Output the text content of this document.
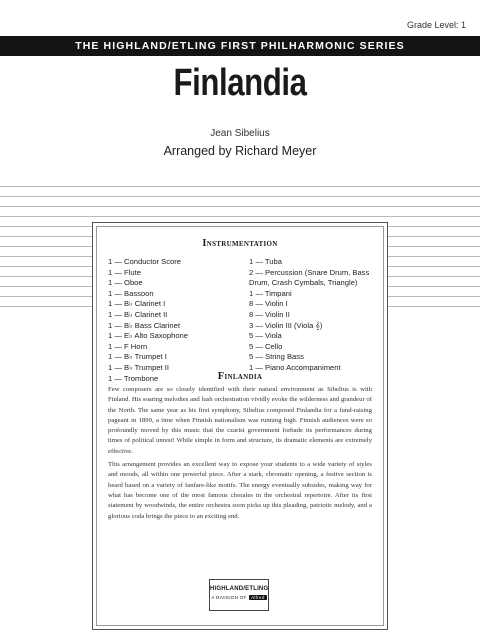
Grade Level: 1
THE HIGHLAND/ETLING FIRST PHILHARMONIC SERIES
Finlandia
Jean Sibelius
Arranged by Richard Meyer
Instrumentation
1 — Conductor Score
1 — Flute
1 — Oboe
1 — Bassoon
1 — B♭ Clarinet I
1 — B♭ Clarinet II
1 — B♭ Bass Clarinet
1 — E♭ Alto Saxophone
1 — F Horn
1 — B♭ Trumpet I
1 — B♭ Trumpet II
1 — Trombone
1 — Tuba
2 — Percussion (Snare Drum, Bass Drum, Crash Cymbals, Triangle)
1 — Timpani
8 — Violin I
8 — Violin II
3 — Violin III (Viola 𝄞)
5 — Viola
5 — Cello
5 — String Bass
1 — Piano Accompaniment
Finlandia

Few composers are so closely identified with their natural environment as Sibelius is with Finland. His soaring melodies and lush orchestration vividly evoke the wilderness and grandeur of the North. The same year as his first symphony, Sibelius composed Finlandia for a fund-raising pageant in 1899, a time when Finnish nationalism was running high. Finnish audiences were so profoundly moved by this music that the czarist government forbade its performances during times of political unrest! While simple in form and structure, its dramatic elements are extremely effective.

This arrangement provides an excellent way to expose your students to a wide variety of styles and moods, all within one powerful piece. After a stark, chromatic opening, a festive section is heard based on a variety of fanfare-like motifs. The energy eventually subsides, making way for what has become one of the most famous chorales in the orchestral repertoire. After its first statement by woodwinds, the entire orchestra soon picks up this pleading, patriotic melody, and a glorious coda brings the piece to an exciting end.

HIGHLAND/ETLING
A DIVISION OF Alfred
